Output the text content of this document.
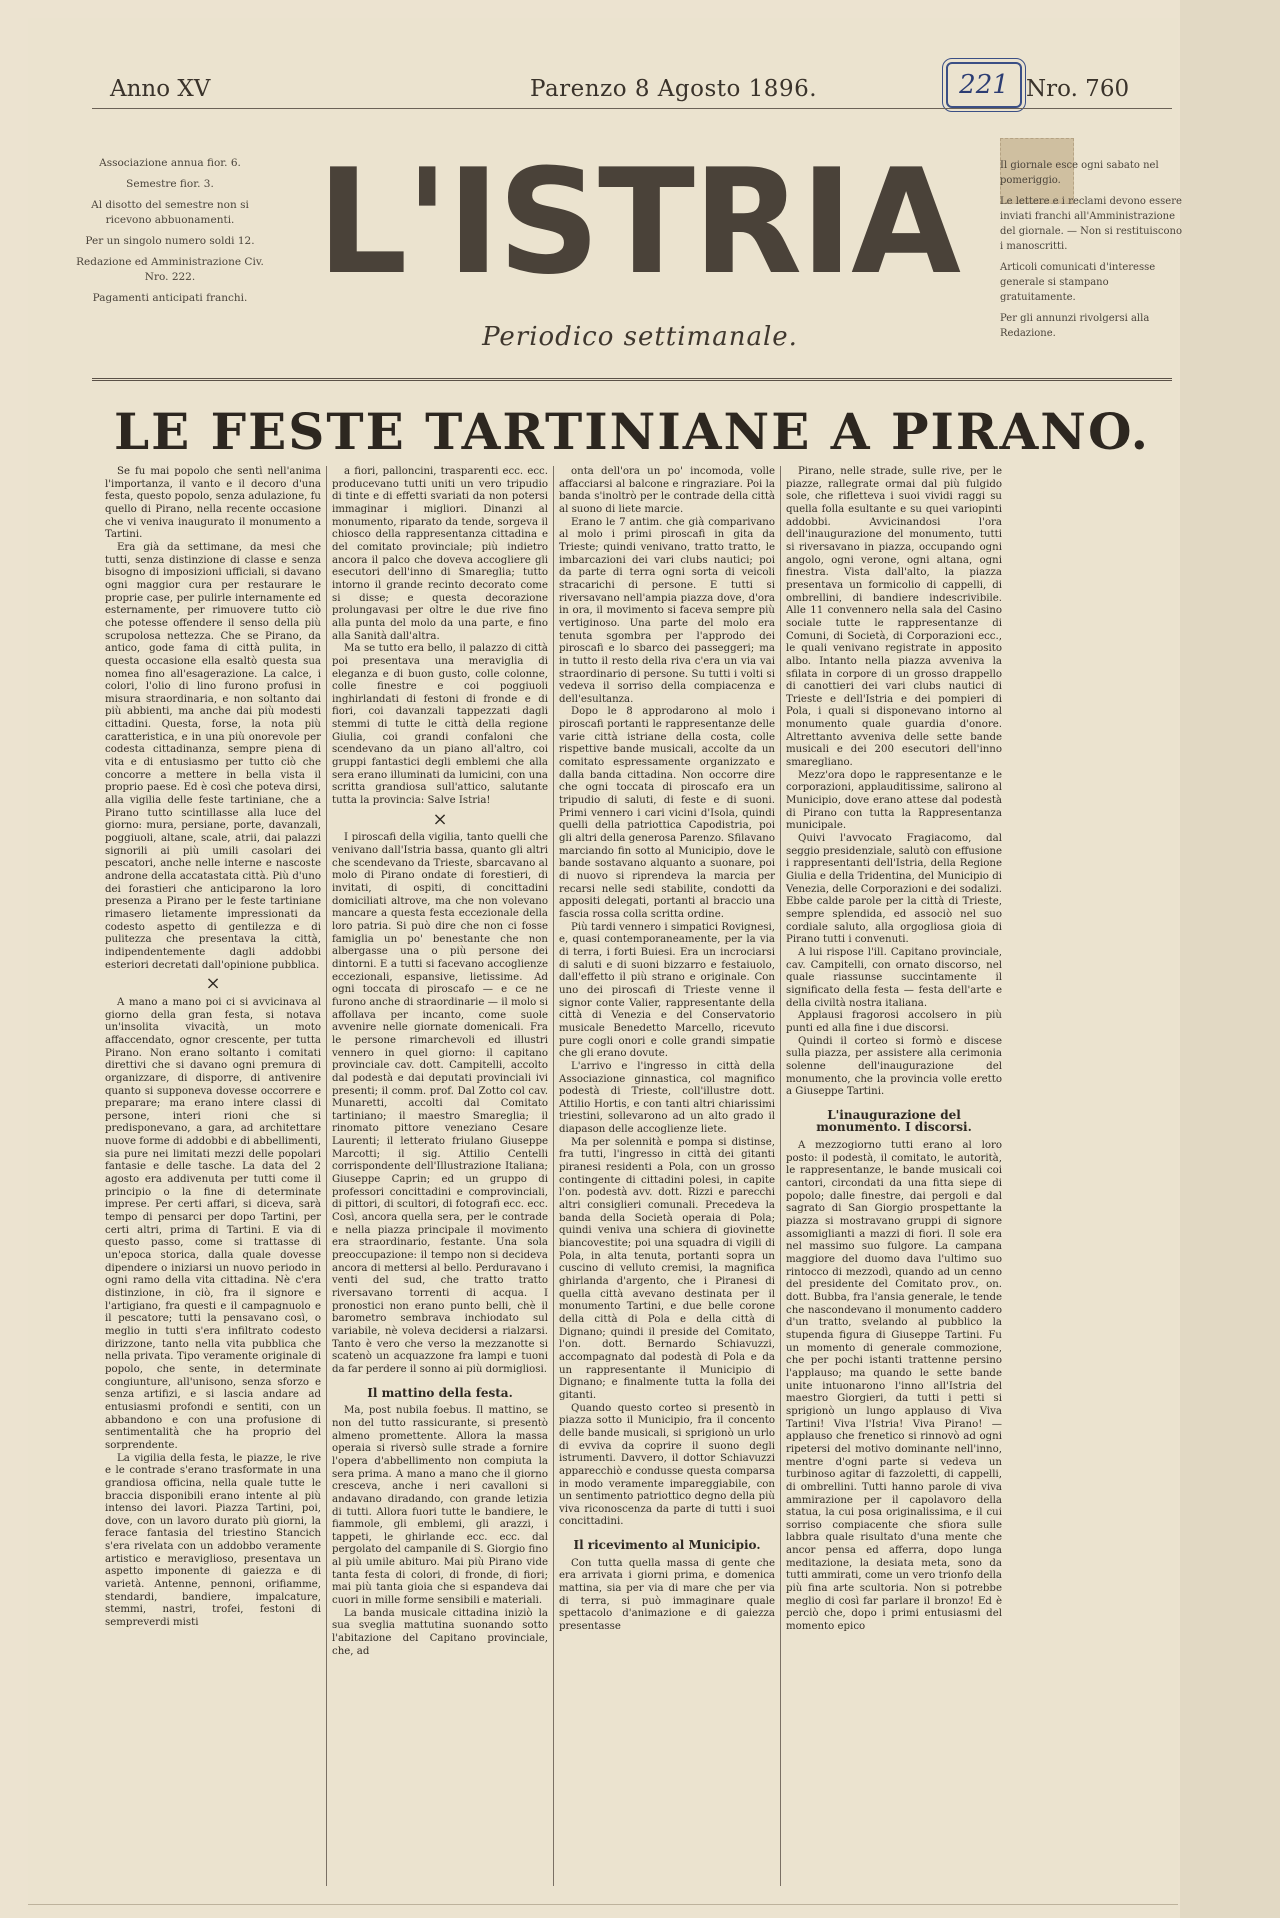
Anno XV	Parenzo 8 Agosto 1896.	221 Nro. 760
Associazione annua fior. 6.
Semestre fior. 3.
Al disotto del semestre non si ricevono abbuonamenti.
Per un singolo numero soldi 12.
Redazione ed Amministrazione Civ. Nro. 222.
Pagamenti anticipati franchi. L'ISTRIA
Periodico settimanale.
Il giornale esce ogni sabato nel pomeriggio.
Le lettere e i reclami devono essere inviati franchi all'Amministrazione del giornale. — Non si restituiscono i manoscritti.
Articoli comunicati d'interesse generale si stampano gratuitamente.
Per gli annunzi rivolgersi alla Redazione.
LE FESTE TARTINIANE A PIRANO.

Se fu mai popolo che sentì nell'anima l'importanza, il vanto e il decoro d'una festa, questo popolo, senza adulazione, fu quello di Pirano, nella recente occasione che vi veniva inaugurato il monumento a Tartini.

Era già da settimane, da mesi che tutti, senza distinzione di classe e senza bisogno di imposizioni ufficiali, si davano ogni maggior cura per restaurare le proprie case, per pulirle internamente ed esternamente, per rimuovere tutto ciò che potesse offendere il senso della più scrupolosa nettezza. Che se Pirano, da antico, gode fama di città pulita, in questa occasione ella esaltò questa sua nomea fino all'esagerazione. La calce, i colori, l'olio di lino furono profusi in misura straordinaria, e non soltanto dai più abbienti, ma anche dai più modesti cittadini. Questa, forse, la nota più caratteristica, e in una più onorevole per codesta cittadinanza, sempre piena di vita e di entusiasmo per tutto ciò che concorre a mettere in bella vista il proprio paese. Ed è così che poteva dirsi, alla vigilia delle feste tartiniane, che a Pirano tutto scintillasse alla luce del giorno: mura, persiane, porte, davanzali, poggiuoli, altane, scale, atrii, dai palazzi signorili ai più umili casolari dei pescatori, anche nelle interne e nascoste androne della accatastata città. Più d'uno dei forastieri che anticiparono la loro presenza a Pirano per le feste tartiniane rimasero lietamente impressionati da codesto aspetto di gentilezza e di pulitezza che presentava la città, indipendentemente dagli addobbi esteriori decretati dall'opinione pubblica.

×

A mano a mano poi ci si avvicinava al giorno della gran festa, si notava un'insolita vivacità, un moto affaccendato, ognor crescente, per tutta Pirano. Non erano soltanto i comitati direttivi che si davano ogni premura di organizzare, di disporre, di antivenire quanto si supponeva dovesse occorrere e preparare; ma erano intere classi di persone, interi rioni che si predisponevano, a gara, ad architettare nuove forme di addobbi e di abbellimenti, sia pure nei limitati mezzi delle popolari fantasie e delle tasche. La data del 2 agosto era addivenuta per tutti come il principio o la fine di determinate imprese. Per certi affari, si diceva, sarà tempo di pensarci per dopo Tartini, per certi altri, prima di Tartini. E via di questo passo, come si trattasse di un'epoca storica, dalla quale dovesse dipendere o iniziarsi un nuovo periodo in ogni ramo della vita cittadina. Nè c'era distinzione, in ciò, fra il signore e l'artigiano, fra questi e il campagnuolo e il pescatore; tutti la pensavano così, o meglio in tutti s'era infiltrato codesto dirizzone, tanto nella vita pubblica che nella privata. Tipo veramente originale di popolo, che sente, in determinate congiunture, all'unisono, senza sforzo e senza artifizi, e si lascia andare ad entusiasmi profondi e sentiti, con un abbandono e con una profusione di sentimentalità che ha proprio del sorprendente.

La vigilia della festa, le piazze, le rive e le contrade s'erano trasformate in una grandiosa officina, nella quale tutte le braccia disponibili erano intente al più intenso dei lavori. Piazza Tartini, poi, dove, con un lavoro durato più giorni, la ferace fantasia del triestino Stancich s'era rivelata con un addobbo veramente artistico e meraviglioso, presentava un aspetto imponente di gaiezza e di varietà. Antenne, pennoni, orifiamme, stendardi, bandiere, impalcature, stemmi, nastri, trofei, festoni di sempreverdi misti

a fiori, palloncini, trasparenti ecc. ecc. producevano tutti uniti un vero tripudio di tinte e di effetti svariati da non potersi immaginar i migliori. Dinanzi al monumento, riparato da tende, sorgeva il chiosco della rappresentanza cittadina e del comitato provinciale; più indietro ancora il palco che doveva accogliere gli esecutori dell'inno di Smareglia; tutto intorno il grande recinto decorato come si disse; e questa decorazione prolungavasi per oltre le due rive fino alla punta del molo da una parte, e fino alla Sanità dall'altra.

Ma se tutto era bello, il palazzo di città poi presentava una meraviglia di eleganza e di buon gusto, colle colonne, colle finestre e coi poggiuoli inghirlandati di festoni di fronde e di fiori, coi davanzali tappezzati dagli stemmi di tutte le città della regione Giulia, coi grandi confaloni che scendevano da un piano all'altro, coi gruppi fantastici degli emblemi che alla sera erano illuminati da lumicini, con una scritta grandiosa sull'attico, salutante tutta la provincia: Salve Istria!

×

I piroscafi della vigilia, tanto quelli che venivano dall'Istria bassa, quanto gli altri che scendevano da Trieste, sbarcavano al molo di Pirano ondate di forestieri, di invitati, di ospiti, di concittadini domiciliati altrove, ma che non volevano mancare a questa festa eccezionale della loro patria. Si può dire che non ci fosse famiglia un po' benestante che non albergasse una o più persone dei dintorni. E a tutti si facevano accoglienze eccezionali, espansive, lietissime. Ad ogni toccata di piroscafo — e ce ne furono anche di straordinarie — il molo si affollava per incanto, come suole avvenire nelle giornate domenicali. Fra le persone rimarchevoli ed illustri vennero in quel giorno: il capitano provinciale cav. dott. Campitelli, accolto dal podestà e dai deputati provinciali ivi presenti; il comm. prof. Dal Zotto col cav. Munaretti, accolti dal Comitato tartiniano; il maestro Smareglia; il rinomato pittore veneziano Cesare Laurenti; il letterato friulano Giuseppe Marcotti; il sig. Attilio Centelli corrispondente dell'Illustrazione Italiana; Giuseppe Caprin; ed un gruppo di professori concittadini e comprovinciali, di pittori, di scultori, di fotografi ecc. ecc. Così, ancora quella sera, per le contrade e nella piazza principale il movimento era straordinario, festante. Una sola preoccupazione: il tempo non si decideva ancora di mettersi al bello. Perduravano i venti del sud, che tratto tratto riversavano torrenti di acqua. I pronostici non erano punto belli, chè il barometro sembrava inchiodato sul variabile, nè voleva decidersi a rialzarsi. Tanto è vero che verso la mezzanotte si scatenò un acquazzone fra lampi e tuoni da far perdere il sonno ai più dormigliosi.

Il mattino della festa.

Ma, post nubila foebus. Il mattino, se non del tutto rassicurante, si presentò almeno promettente. Allora la massa operaia si riversò sulle strade a fornire l'opera d'abbellimento non compiuta la sera prima. A mano a mano che il giorno cresceva, anche i neri cavalloni si andavano diradando, con grande letizia di tutti. Allora fuori tutte le bandiere, le fiammole, gli emblemi, gli arazzi, i tappeti, le ghirlande ecc. ecc. dal pergolato del campanile di S. Giorgio fino al più umile abituro. Mai più Pirano vide tanta festa di colori, di fronde, di fiori; mai più tanta gioia che si espandeva dai cuori in mille forme sensibili e materiali.

La banda musicale cittadina iniziò la sua sveglia mattutina suonando sotto l'abitazione del Capitano provinciale, che, ad

onta dell'ora un po' incomoda, volle affacciarsi al balcone e ringraziare. Poi la banda s'inoltrò per le contrade della città al suono di liete marcie.

Erano le 7 antim. che già comparivano al molo i primi piroscafi in gita da Trieste; quindi venivano, tratto tratto, le imbarcazioni dei vari clubs nautici; poi da parte di terra ogni sorta di veicoli stracarichi di persone. E tutti si riversavano nell'ampia piazza dove, d'ora in ora, il movimento si faceva sempre più vertiginoso. Una parte del molo era tenuta sgombra per l'approdo dei piroscafi e lo sbarco dei passeggeri; ma in tutto il resto della riva c'era un via vai straordinario di persone. Su tutti i volti si vedeva il sorriso della compiacenza e dell'esultanza.

Dopo le 8 approdarono al molo i piroscafi portanti le rappresentanze delle varie città istriane della costa, colle rispettive bande musicali, accolte da un comitato espressamente organizzato e dalla banda cittadina. Non occorre dire che ogni toccata di piroscafo era un tripudio di saluti, di feste e di suoni. Primi vennero i cari vicini d'Isola, quindi quelli della patriottica Capodistria, poi gli altri della generosa Parenzo. Sfilavano marciando fin sotto al Municipio, dove le bande sostavano alquanto a suonare, poi di nuovo si riprendeva la marcia per recarsi nelle sedi stabilite, condotti da appositi delegati, portanti al braccio una fascia rossa colla scritta ordine.

Più tardi vennero i simpatici Rovignesi, e, quasi contemporaneamente, per la via di terra, i forti Buiesi. Era un incrociarsi di saluti e di suoni bizzarro e festaiuolo, dall'effetto il più strano e originale. Con uno dei piroscafi di Trieste venne il signor conte Valier, rappresentante della città di Venezia e del Conservatorio musicale Benedetto Marcello, ricevuto pure cogli onori e colle grandi simpatie che gli erano dovute.

L'arrivo e l'ingresso in città della Associazione ginnastica, col magnifico podestà di Trieste, coll'illustre dott. Attilio Hortis, e con tanti altri chiarissimi triestini, sollevarono ad un alto grado il diapason delle accoglienze liete.

Ma per solennità e pompa si distinse, fra tutti, l'ingresso in città dei gitanti piranesi residenti a Pola, con un grosso contingente di cittadini polesi, in capite l'on. podestà avv. dott. Rizzi e parecchi altri consiglieri comunali. Precedeva la banda della Società operaia di Pola; quindi veniva una schiera di giovinette biancovestite; poi una squadra di vigili di Pola, in alta tenuta, portanti sopra un cuscino di velluto cremisi, la magnifica ghirlanda d'argento, che i Piranesi di quella città avevano destinata per il monumento Tartini, e due belle corone della città di Pola e della città di Dignano; quindi il preside del Comitato, l'on. dott. Bernardo Schiavuzzi, accompagnato dal podestà di Pola e da un rappresentante il Municipio di Dignano; e finalmente tutta la folla dei gitanti.

Quando questo corteo si presentò in piazza sotto il Municipio, fra il concento delle bande musicali, si sprigionò un urlo di evviva da coprire il suono degli istrumenti. Davvero, il dottor Schiavuzzi apparecchiò e condusse questa comparsa in modo veramente impareggiabile, con un sentimento patriottico degno della più viva riconoscenza da parte di tutti i suoi concittadini.

Il ricevimento al Municipio.

Con tutta quella massa di gente che era arrivata i giorni prima, e domenica mattina, sia per via di mare che per via di terra, si può immaginare quale spettacolo d'animazione e di gaiezza presentasse

Pirano, nelle strade, sulle rive, per le piazze, rallegrate ormai dal più fulgido sole, che rifletteva i suoi vividi raggi su quella folla esultante e su quei variopinti addobbi. Avvicinandosi l'ora dell'inaugurazione del monumento, tutti si riversavano in piazza, occupando ogni angolo, ogni verone, ogni altana, ogni finestra. Vista dall'alto, la piazza presentava un formicolio di cappelli, di ombrellini, di bandiere indescrivibile. Alle 11 convennero nella sala del Casino sociale tutte le rappresentanze di Comuni, di Società, di Corporazioni ecc., le quali venivano registrate in apposito albo. Intanto nella piazza avveniva la sfilata in corpore di un grosso drappello di canottieri dei vari clubs nautici di Trieste e dell'Istria e dei pompieri di Pola, i quali si disponevano intorno al monumento quale guardia d'onore. Altrettanto avveniva delle sette bande musicali e dei 200 esecutori dell'inno smaregliano.

Mezz'ora dopo le rappresentanze e le corporazioni, applauditissime, salirono al Municipio, dove erano attese dal podestà di Pirano con tutta la Rappresentanza municipale.

Quivi l'avvocato Fragiacomo, dal seggio presidenziale, salutò con effusione i rappresentanti dell'Istria, della Regione Giulia e della Tridentina, del Municipio di Venezia, delle Corporazioni e dei sodalizi. Ebbe calde parole per la città di Trieste, sempre splendida, ed associò nel suo cordiale saluto, alla orgogliosa gioia di Pirano tutti i convenuti.

A lui rispose l'ill. Capitano provinciale, cav. Campitelli, con ornato discorso, nel quale riassunse succintamente il significato della festa — festa dell'arte e della civiltà nostra italiana.

Applausi fragorosi accolsero in più punti ed alla fine i due discorsi.

Quindi il corteo si formò e discese sulla piazza, per assistere alla cerimonia solenne dell'inaugurazione del monumento, che la provincia volle eretto a Giuseppe Tartini.

L'inaugurazione del monumento. I discorsi.

A mezzogiorno tutti erano al loro posto: il podestà, il comitato, le autorità, le rappresentanze, le bande musicali coi cantori, circondati da una fitta siepe di popolo; dalle finestre, dai pergoli e dal sagrato di San Giorgio prospettante la piazza si mostravano gruppi di signore assomiglianti a mazzi di fiori. Il sole era nel massimo suo fulgore. La campana maggiore del duomo dava l'ultimo suo rintocco di mezzodì, quando ad un cenno del presidente del Comitato prov., on. dott. Bubba, fra l'ansia generale, le tende che nascondevano il monumento caddero d'un tratto, svelando al pubblico la stupenda figura di Giuseppe Tartini. Fu un momento di generale commozione, che per pochi istanti trattenne persino l'applauso; ma quando le sette bande unite intuonarono l'inno all'Istria del maestro Giorgieri, da tutti i petti si sprigionò un lungo applauso di Viva Tartini! Viva l'Istria! Viva Pirano! — applauso che frenetico si rinnovò ad ogni ripetersi del motivo dominante nell'inno, mentre d'ogni parte si vedeva un turbinoso agitar di fazzoletti, di cappelli, di ombrellini. Tutti hanno parole di viva ammirazione per il capolavoro della statua, la cui posa originalissima, e il cui sorriso compiacente che sfiora sulle labbra quale risultato d'una mente che ancor pensa ed afferra, dopo lunga meditazione, la desiata meta, sono da tutti ammirati, come un vero trionfo della più fina arte scultoria. Non si potrebbe meglio di così far parlare il bronzo! Ed è perciò che, dopo i primi entusiasmi del momento epico
